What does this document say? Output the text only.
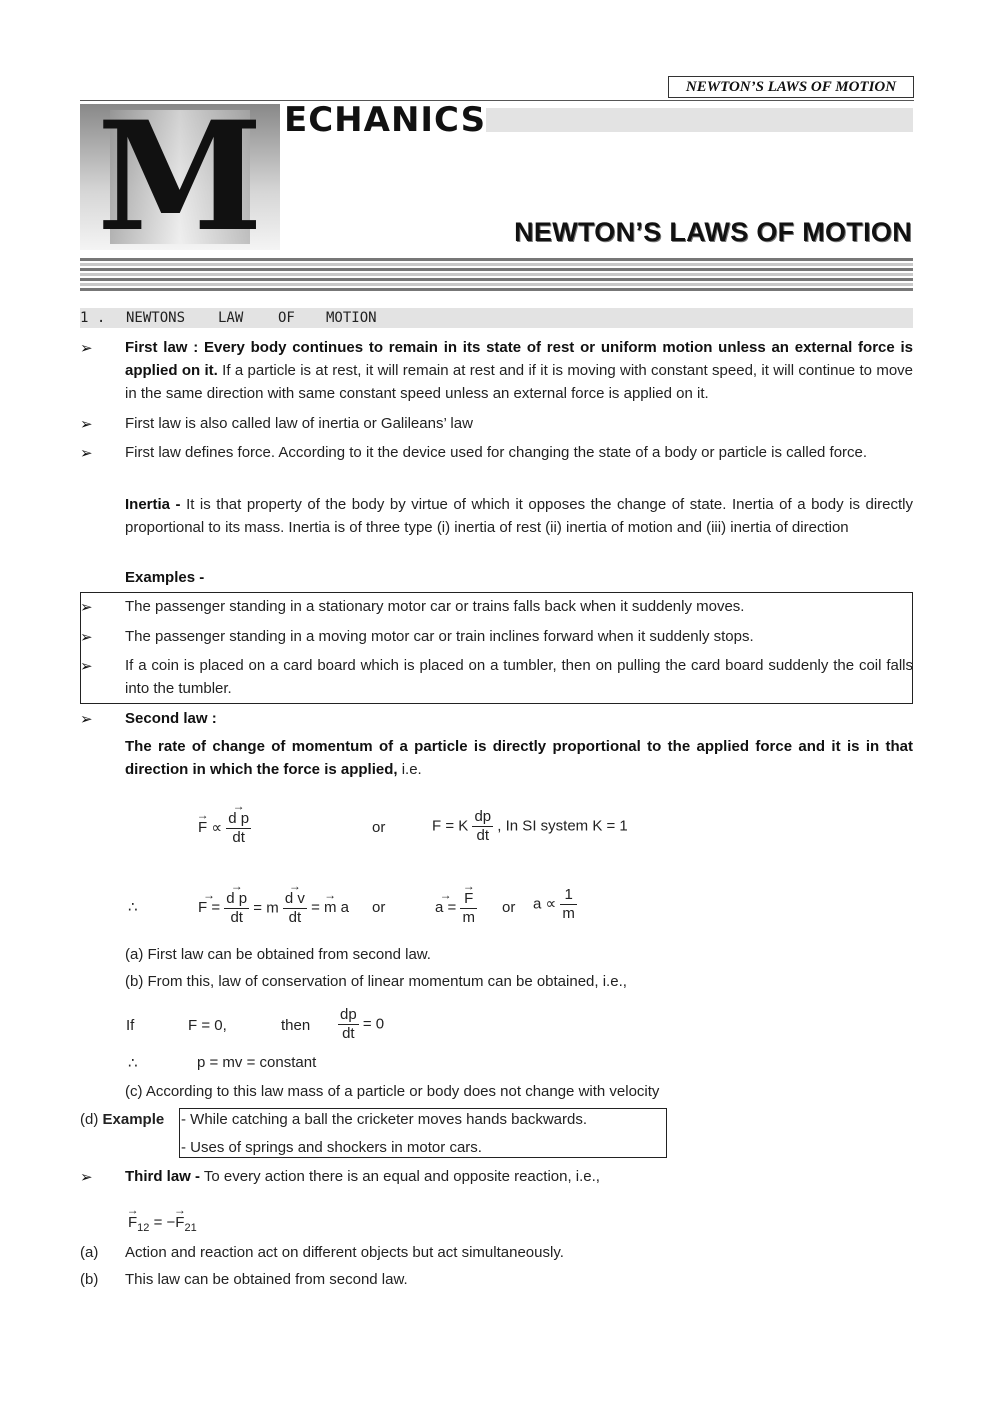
NEWTON’S LAWS OF MOTION
M ECHANICS
NEWTON’S LAWS OF MOTION
1 . NEWTONS LAW OF MOTION
➢ First law : Every body continues to remain in its state of rest or uniform motion unless an external force is applied on it. If a particle is at rest, it will remain at rest and if it is moving with constant speed, it will continue to move in the same direction with same constant speed unless an external force is applied on it.
➢ First law is also called law of inertia or Galileans’ law
➢ First law defines force. According to it the device used for changing the state of a body or particle is called force.
Inertia - It is that property of the body by virtue of which it opposes the change of state. Inertia of a body is directly proportional to its mass. Inertia is of three type (i) inertia of rest (ii) inertia of motion and (iii) inertia of direction
Examples -
➢ The passenger standing in a stationary motor car or trains falls back when it suddenly moves.
➢ The passenger standing in a moving motor car or train inclines forward when it suddenly stops.
➢ If a coin is placed on a card board which is placed on a tumbler, then on pulling the card board suddenly the coil falls into the tumbler.
➢ Second law :
The rate of change of momentum of a particle is directly proportional to the applied force and it is in that direction in which the force is applied, i.e.
→ F ∝
→ $\frac{\text{d p}}{dt}$	or	F = K $\frac{dp}{dt}$ , In SI system K = 1
∴
→	F =
→ $\frac{\text{d p}}{dt} = m$
→ $\frac{\text{d v}}{dt}$
→ = m a or
→	a =
→ $\frac{F}{m}$ or $a \propto \frac{1}{m}$
(a) First law can be obtained from second law.
(b) From this, law of conservation of linear momentum can be obtained, i.e.,
If	F = 0,	then $\frac{dp}{dt} = 0$
∴	p = mv = constant
(c) According to this law mass of a particle or body does not change with velocity
(d) Example - While catching a ball the cricketer moves hands backwards.
- Uses of springs and shockers in motor cars.
➢ Third law - To every action there is an equal and opposite reaction, i.e.,
→ $F_{12}$ = −→ $F_{21}$
(a) Action and reaction act on different objects but act simultaneously.
(b) This law can be obtained from second law.
